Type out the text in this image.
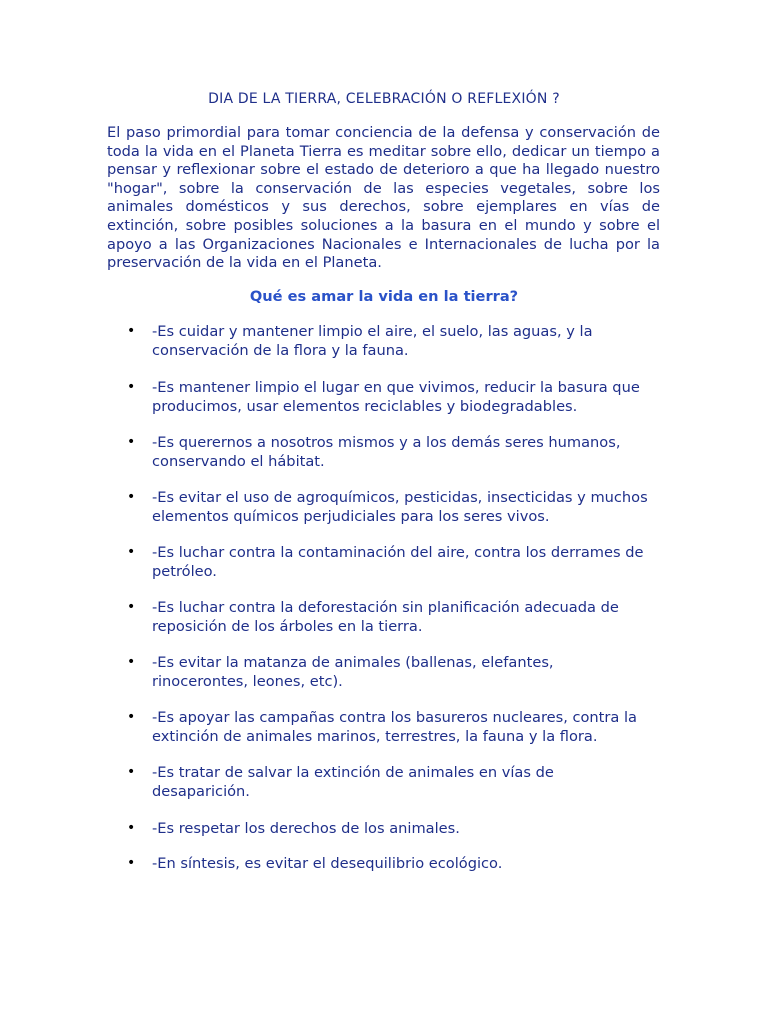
DIA DE LA TIERRA, CELEBRACIÓN O REFLEXIÓN ?

El paso primordial para tomar conciencia de la defensa y conservación de toda la vida en el Planeta Tierra es meditar sobre ello, dedicar un tiempo a pensar y reflexionar sobre el estado de deterioro a que ha llegado nuestro "hogar", sobre la conservación de las especies vegetales, sobre los animales domésticos y sus derechos, sobre ejemplares en vías de extinción, sobre posibles soluciones a la basura en el mundo y sobre el apoyo a las Organizaciones Nacionales e Internacionales de lucha por la preservación de la vida en el Planeta.

Qué es amar la vida en la tierra?

• -Es cuidar y mantener limpio el aire, el suelo, las aguas, y la conservación de la flora y la fauna.
• -Es mantener limpio el lugar en que vivimos, reducir la basura que producimos, usar elementos reciclables y biodegradables.
• -Es querernos a nosotros mismos y a los demás seres humanos, conservando el hábitat.
• -Es evitar el uso de agroquímicos, pesticidas, insecticidas y muchos elementos químicos perjudiciales para los seres vivos.
• -Es luchar contra la contaminación del aire, contra los derrames de petróleo.
• -Es luchar contra la deforestación sin planificación adecuada de reposición de los árboles en la tierra.
• -Es evitar la matanza de animales (ballenas, elefantes, rinocerontes, leones, etc).
• -Es apoyar las campañas contra los basureros nucleares, contra la extinción de animales marinos, terrestres, la fauna y la flora.
• -Es tratar de salvar la extinción de animales en vías de desaparición.
• -Es respetar los derechos de los animales.
• -En síntesis, es evitar el desequilibrio ecológico.
